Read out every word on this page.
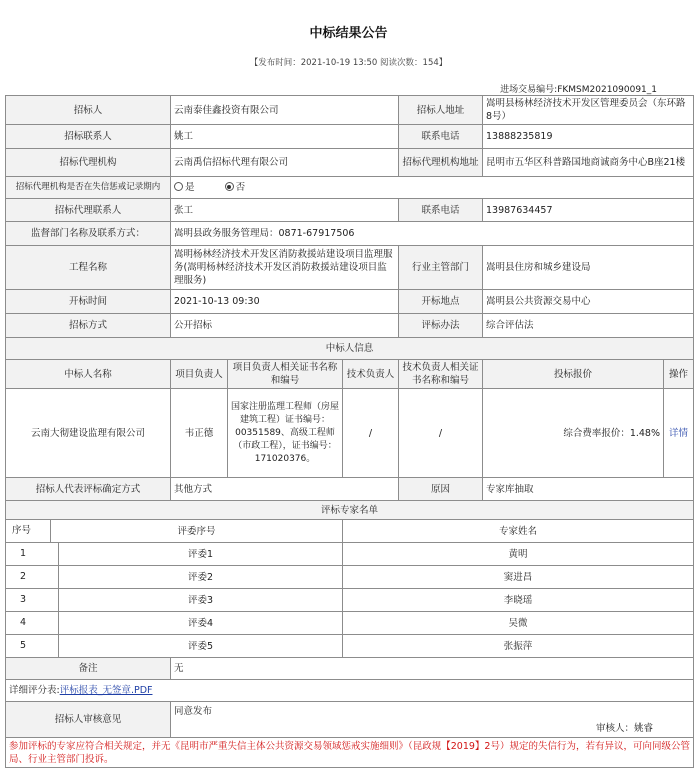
中标结果公告
【发布时间：2021-10-19 13:50 阅读次数：154】
进场交易编号:FKMSM2021090091_1
招标人	云南泰佳鑫投资有限公司			招标人地址	嵩明县杨林经济技术开发区管理委员会（东环路8号）	
招标联系人	姚工			联系电话	13888235819	
招标代理机构	云南禹信招标代理有限公司			招标代理机构地址	昆明市五华区科普路国地商诚商务中心B座21楼	
招标代理机构是否在失信惩戒记录期内	是 否					
招标代理联系人	张工			联系电话	13987634457	
监督部门名称及联系方式：	嵩明县政务服务管理局：0871-67917506					
工程名称	嵩明杨林经济技术开发区消防救援站建设项目监理服务(嵩明杨林经济技术开发区消防救援站建设项目监理服务)			行业主管部门	嵩明县住房和城乡建设局	
开标时间	2021-10-13 09:30			开标地点	嵩明县公共资源交易中心	
招标方式	公开招标			评标办法	综合评估法	
中标人信息						
中标人名称	项目负责人	项目负责人相关证书名称和编号	技术负责人	技术负责人相关证书名称和编号	投标报价	操作
云南大彻建设监理有限公司	韦正德	国家注册监理工程师（房屋建筑工程）证书编号：00351589、高级工程师（市政工程），证书编号：171020376。	/	/	综合费率报价：1.48%	详情
招标人代表评标确定方式	其他方式			原因	专家库抽取	
评标专家名单						

序号 评委序号			专家姓名			

1 评委1			黄明			

2 评委2			窦进昌			

3 评委3			李晓瑶			

4 评委4			吴微			

5 评委5			张振萍			
备注	无					
详细评分表:评标报表_无签章.PDF						
招标人审核意见	同意发布
审核人：姚睿					

参加评标的专家应符合相关规定，并无《昆明市严重失信主体公共资源交易领域惩戒实施细则》（昆政规【2019】2号）规定的失信行为，若有异议，可向同级公管局、行业主管部门投诉。						
